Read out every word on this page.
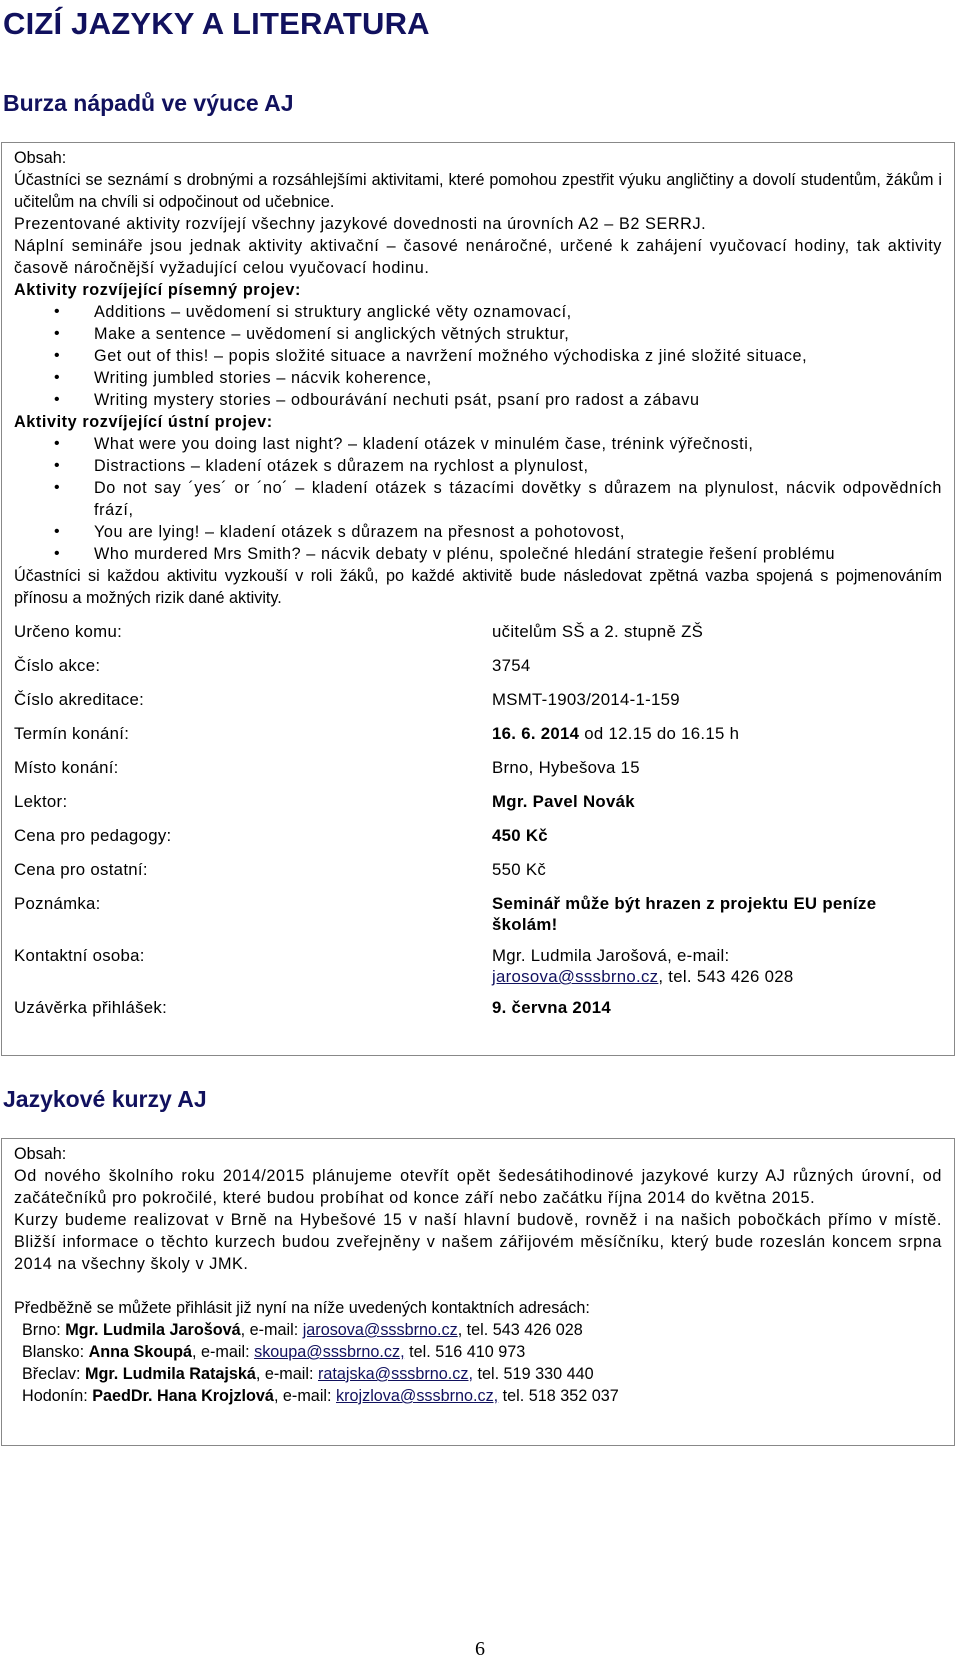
CIZÍ JAZYKY A LITERATURA
Burza nápadů ve výuce AJ

Obsah:

Účastníci se seznámí s drobnými a rozsáhlejšími aktivitami, které pomohou zpestřit výuku angličtiny a dovolí studentům, žákům i učitelům na chvíli si odpočinout od učebnice.

Prezentované aktivity rozvíjejí všechny jazykové dovednosti na úrovních A2 – B2 SERRJ.

Náplní semináře jsou jednak aktivity aktivační – časové nenáročné, určené k zahájení vyučovací hodiny, tak aktivity časově náročnější vyžadující celou vyučovací hodinu.

Aktivity rozvíjející písemný projev:

• Additions – uvědomení si struktury anglické věty oznamovací,
• Make a sentence – uvědomení si anglických větných struktur,
• Get out of this! – popis složité situace a navržení možného východiska z jiné složité situace,
• Writing jumbled stories – nácvik koherence,
• Writing mystery stories – odbourávání nechuti psát, psaní pro radost a zábavu

Aktivity rozvíjející ústní projev:

• What were you doing last night? – kladení otázek v minulém čase, trénink výřečnosti,
• Distractions – kladení otázek s důrazem na rychlost a plynulost,
• Do not say ´yes´ or ´no´ – kladení otázek s tázacími dovětky s důrazem na plynulost, nácvik odpovědních frází,
• You are lying! – kladení otázek s důrazem na přesnost a pohotovost,
• Who murdered Mrs Smith? – nácvik debaty v plénu, společné hledání strategie řešení problému

Účastníci si každou aktivitu vyzkouší v roli žáků, po každé aktivitě bude následovat zpětná vazba spojená s pojmenováním přínosu a možných rizik dané aktivity.

Určeno komu:	učitelům SŠ a 2. stupně ZŠ
Číslo akce:	3754
Číslo akreditace:	MSMT-1903/2014-1-159
Termín konání:	16. 6. 2014 od 12.15 do 16.15 h
Místo konání:	Brno, Hybešova 15
Lektor:	Mgr. Pavel Novák
Cena pro pedagogy:	450 Kč
Cena pro ostatní:	550 Kč
Poznámka:	Seminář může být hrazen z projektu EU peníze školám!
Kontaktní osoba:	Mgr. Ludmila Jarošová, e-mail:
jarosova@sssbrno.cz, tel. 543 426 028
Uzávěrka přihlášek:	9. června 2014
Jazykové kurzy AJ

Obsah:

Od nového školního roku 2014/2015 plánujeme otevřít opět šedesátihodinové jazykové kurzy AJ různých úrovní, od začátečníků pro pokročilé, které budou probíhat od konce září nebo začátku října 2014 do května 2015.

Kurzy budeme realizovat v Brně na Hybešové 15 v naší hlavní budově, rovněž i na našich pobočkách přímo v místě. Bližší informace o těchto kurzech budou zveřejněny v našem zářijovém měsíčníku, který bude rozeslán koncem srpna 2014 na všechny školy v JMK.

Předběžně se můžete přihlásit již nyní na níže uvedených kontaktních adresách:

Brno: Mgr. Ludmila Jarošová, e-mail: jarosova@sssbrno.cz, tel. 543 426 028
Blansko: Anna Skoupá, e-mail: skoupa@sssbrno.cz, tel. 516 410 973
Břeclav: Mgr. Ludmila Ratajská, e-mail: ratajska@sssbrno.cz, tel. 519 330 440
Hodonín: PaedDr. Hana Krojzlová, e-mail: krojzlova@sssbrno.cz, tel. 518 352 037
6
